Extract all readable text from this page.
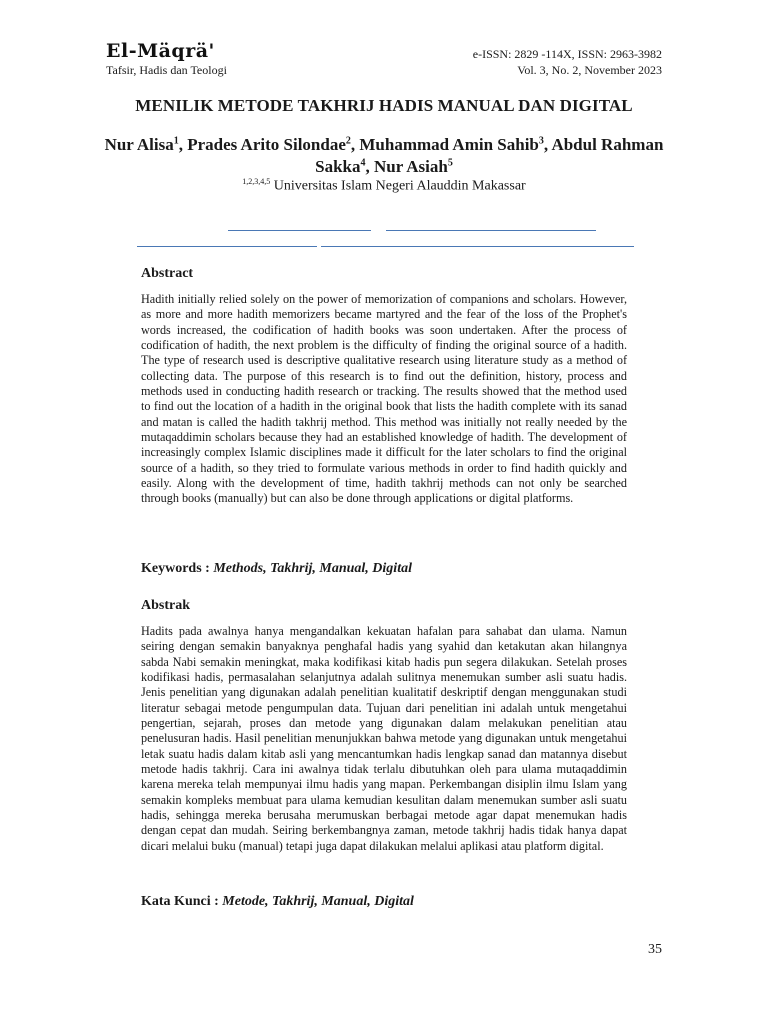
El-Mäqrä'
Tafsir, Hadis dan Teologi
e-ISSN: 2829 -114X, ISSN: 2963-3982
Vol. 3, No. 2, November 2023
MENILIK METODE TAKHRIJ HADIS MANUAL DAN DIGITAL
Nur Alisa$^1$, Prades Arito Silondae$^2$, Muhammad Amin Sahib$^3$, Abdul Rahman Sakka$^4$, Nur Asiah$^5$
$^{1,2,3,4,5}$ Universitas Islam Negeri Alauddin Makassar
Abstract
Hadith initially relied solely on the power of memorization of companions and scholars. However, as more and more hadith memorizers became martyred and the fear of the loss of the Prophet's words increased, the codification of hadith books was soon undertaken. After the process of codification of hadith, the next problem is the difficulty of finding the original source of a hadith. The type of research used is descriptive qualitative research using literature study as a method of collecting data. The purpose of this research is to find out the definition, history, process and methods used in conducting hadith research or tracking. The results showed that the method used to find out the location of a hadith in the original book that lists the hadith complete with its sanad and matan is called the hadith takhrij method. This method was initially not really needed by the mutaqaddimin scholars because they had an established knowledge of hadith. The development of increasingly complex Islamic disciplines made it difficult for the later scholars to find the original source of a hadith, so they tried to formulate various methods in order to find hadith quickly and easily. Along with the development of time, hadith takhrij methods can not only be searched through books (manually) but can also be done through applications or digital platforms.
Keywords : Methods, Takhrij, Manual, Digital
Abstrak
Hadits pada awalnya hanya mengandalkan kekuatan hafalan para sahabat dan ulama. Namun seiring dengan semakin banyaknya penghafal hadis yang syahid dan ketakutan akan hilangnya sabda Nabi semakin meningkat, maka kodifikasi kitab hadis pun segera dilakukan. Setelah proses kodifikasi hadis, permasalahan selanjutnya adalah sulitnya menemukan sumber asli suatu hadis. Jenis penelitian yang digunakan adalah penelitian kualitatif deskriptif dengan menggunakan studi literatur sebagai metode pengumpulan data. Tujuan dari penelitian ini adalah untuk mengetahui pengertian, sejarah, proses dan metode yang digunakan dalam melakukan penelitian atau penelusuran hadis. Hasil penelitian menunjukkan bahwa metode yang digunakan untuk mengetahui letak suatu hadis dalam kitab asli yang mencantumkan hadis lengkap sanad dan matannya disebut metode hadis takhrij. Cara ini awalnya tidak terlalu dibutuhkan oleh para ulama mutaqaddimin karena mereka telah mempunyai ilmu hadis yang mapan. Perkembangan disiplin ilmu Islam yang semakin kompleks membuat para ulama kemudian kesulitan dalam menemukan sumber asli suatu hadis, sehingga mereka berusaha merumuskan berbagai metode agar dapat menemukan hadis dengan cepat dan mudah. Seiring berkembangnya zaman, metode takhrij hadis tidak hanya dapat dicari melalui buku (manual) tetapi juga dapat dilakukan melalui aplikasi atau platform digital.
Kata Kunci : Metode, Takhrij, Manual, Digital
35
